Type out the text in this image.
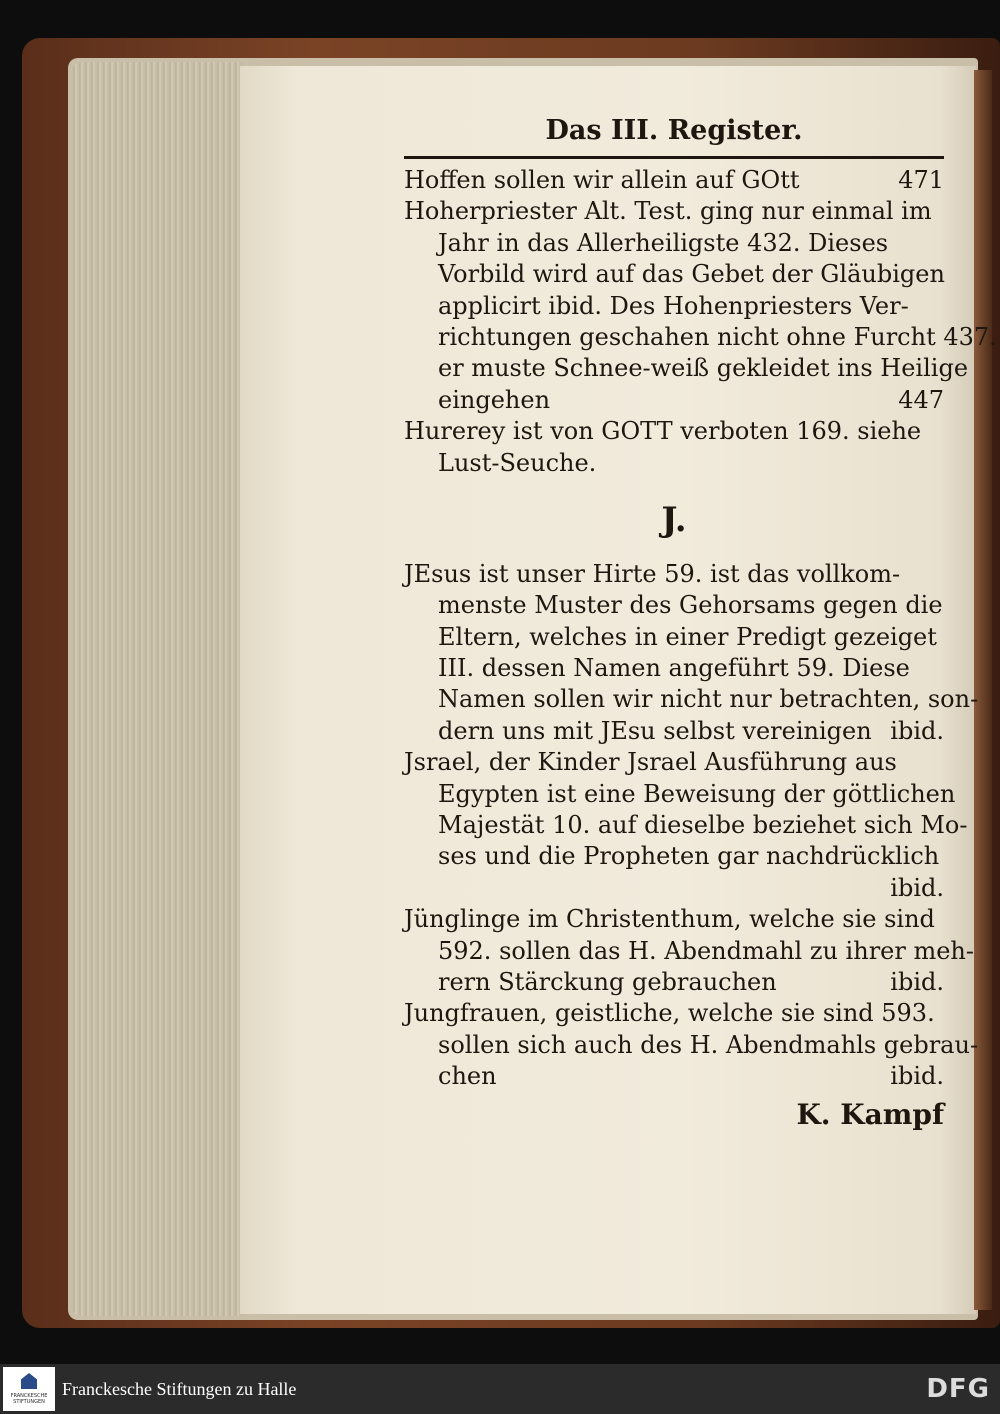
Das III. Register.
Hoffen sollen wir allein auf GOtt	471
Hoherpriester Alt. Test. ging nur einmal im
Jahr in das Allerheiligste 432. Dieses
Vorbild wird auf das Gebet der Gläubigen
applicirt ibid. Des Hohenpriesters Ver-
richtungen geschahen nicht ohne Furcht 437.
er muste Schnee-weiß gekleidet ins Heilige
eingehen	447
Hurerey ist von GOTT verboten 169. siehe
Lust-Seuche.
J.
JEsus ist unser Hirte 59. ist das vollkom-
menste Muster des Gehorsams gegen die
Eltern, welches in einer Predigt gezeiget
III. dessen Namen angeführt 59. Diese
Namen sollen wir nicht nur betrachten, son-
dern uns mit JEsu selbst vereinigen ibid.
Jsrael, der Kinder Jsrael Ausführung aus
Egypten ist eine Beweisung der göttlichen
Majestät 10. auf dieselbe beziehet sich Mo-
ses und die Propheten gar nachdrücklich
ibid.
Jünglinge im Christenthum, welche sie sind
592. sollen das H. Abendmahl zu ihrer meh-
rern Stärckung gebrauchen	ibid.
Jungfrauen, geistliche, welche sie sind 593.
sollen sich auch des H. Abendmahls gebrau-
chen	ibid.
K. Kampf
FRANCKESCHE STIFTUNGEN
Franckesche Stiftungen zu Halle	DFG
